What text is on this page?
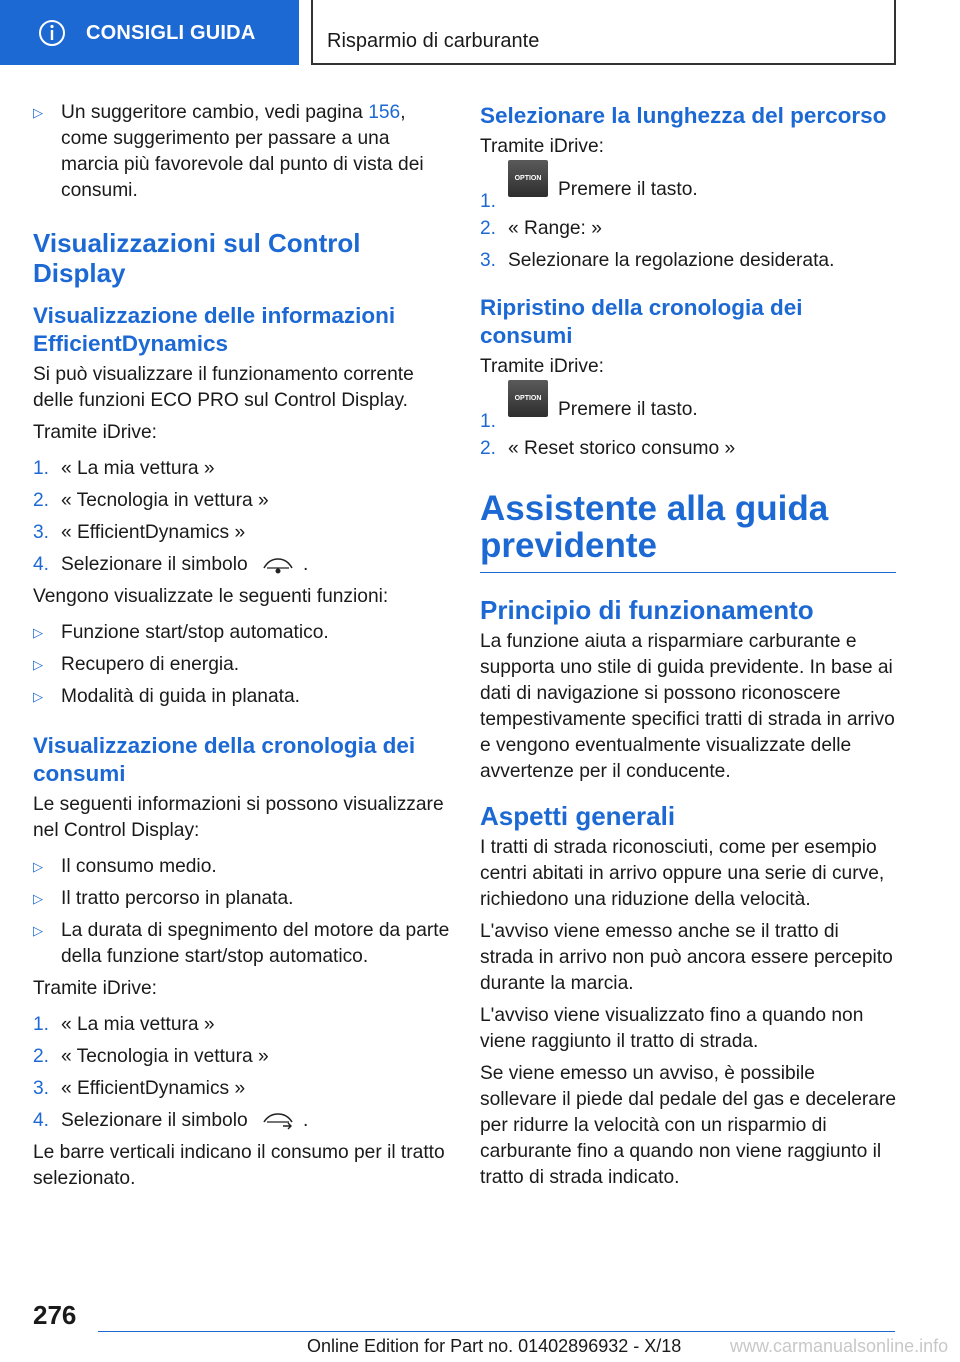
CONSIGLI GUIDA	Risparmio di carburante
▷ Un suggeritore cambio, vedi pagina 156, come suggerimento per passare a una marcia più favorevole dal punto di vista dei consumi.
Visualizzazioni sul Control Display
Visualizzazione delle informazioni EfficientDynamics

Si può visualizzare il funzionamento corrente delle funzioni ECO PRO sul Control Display.

Tramite iDrive:

1. « La mia vettura »
2. « Tecnologia in vettura »
3. « EfficientDynamics »
4. Selezionare il simbolo	.

Vengono visualizzate le seguenti funzioni:

▷ Funzione start/stop automatico.
▷ Recupero di energia.
▷ Modalità di guida in planata.
Visualizzazione della cronologia dei consumi

Le seguenti informazioni si possono visualizzare nel Control Display:

▷ Il consumo medio.
▷ Il tratto percorso in planata.
▷ La durata di spegnimento del motore da parte della funzione start/stop automatico.

Tramite iDrive:

1. « La mia vettura »
2. « Tecnologia in vettura »
3. « EfficientDynamics »
4. Selezionare il simbolo	.

Le barre verticali indicano il consumo per il tratto selezionato.

Selezionare la lunghezza del percorso

Tramite iDrive:

1.
OPTION
Premere il tasto.
2. « Range: »
3. Selezionare la regolazione desiderata.
Ripristino della cronologia dei consumi

Tramite iDrive:

1.
OPTION
Premere il tasto.
2. « Reset storico consumo »
Assistente alla guida previdente
Principio di funzionamento

La funzione aiuta a risparmiare carburante e supporta uno stile di guida previdente. In base ai dati di navigazione si possono riconoscere tempestivamente specifici tratti di strada in arrivo e vengono eventualmente visualizzate delle avvertenze per il conducente.

Aspetti generali

I tratti di strada riconosciuti, come per esempio centri abitati in arrivo oppure una serie di curve, richiedono una riduzione della velocità.

L'avviso viene emesso anche se il tratto di strada in arrivo non può ancora essere percepito durante la marcia.

L'avviso viene visualizzato fino a quando non viene raggiunto il tratto di strada.

Se viene emesso un avviso, è possibile sollevare il piede dal pedale del gas e decelerare per ridurre la velocità con un risparmio di carburante fino a quando non viene raggiunto il tratto di strada indicato.

276
Online Edition for Part no. 01402896932 - X/18	www.carmanualsonline.info
